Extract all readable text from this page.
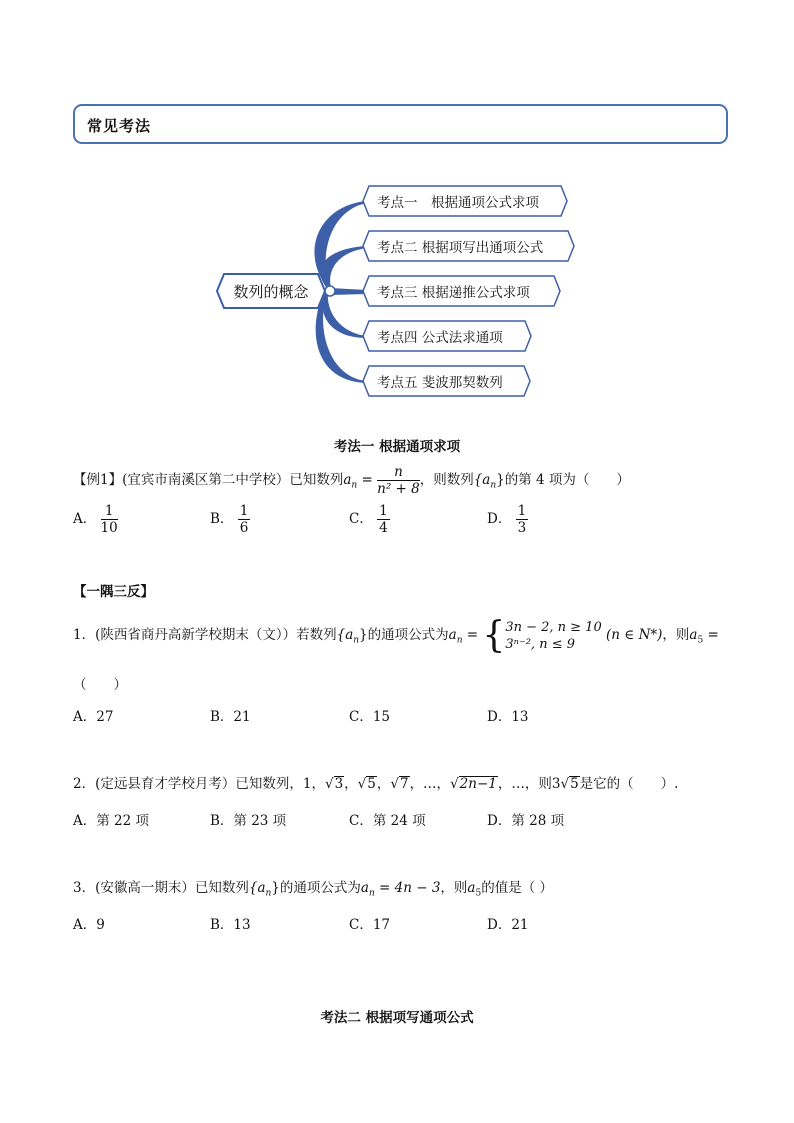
常见考法
数列的概念
考点一　根据通项公式求项
考点二 根据项写出通项公式
考点三 根据递推公式求项
考点四 公式法求通项
考点五 斐波那契数列
考法一 根据通项求项
【例1】(宜宾市南溪区第二中学校）已知数列$a_n = \frac{n}{\text{n² + 8}}$ ，则数列$\{a_n\}$的第 4 项为（　　）
A． $\frac{1}{10}$	B． $\frac{1}{6}$	C． $\frac{1}{4}$	D． $\frac{1}{3}$
【一隅三反】
1．(陕西省商丹高新学校期末（文））若数列$\{a_n\}$的通项公式为$a_n$ = { 3n − 2, n ≥ 10
3ⁿ⁻², n ≤ 9
(n ∈ N*)，则$a_5$ =
（　　）
A．27	B．21	C．15	D．13
2．(定远县育才学校月考）已知数列，1，√3，√5，√7，…，√2n−1，…，则3√5是它的（　　）.
A．第 22 项	B．第 23 项	C．第 24 项	D．第 28 项
3．(安徽高一期末）已知数列$\{a_n\}$的通项公式为$a_n = 4n - 3$，则$a_5$的值是（ ）
A．9	B．13	C．17	D．21
考法二 根据项写通项公式
